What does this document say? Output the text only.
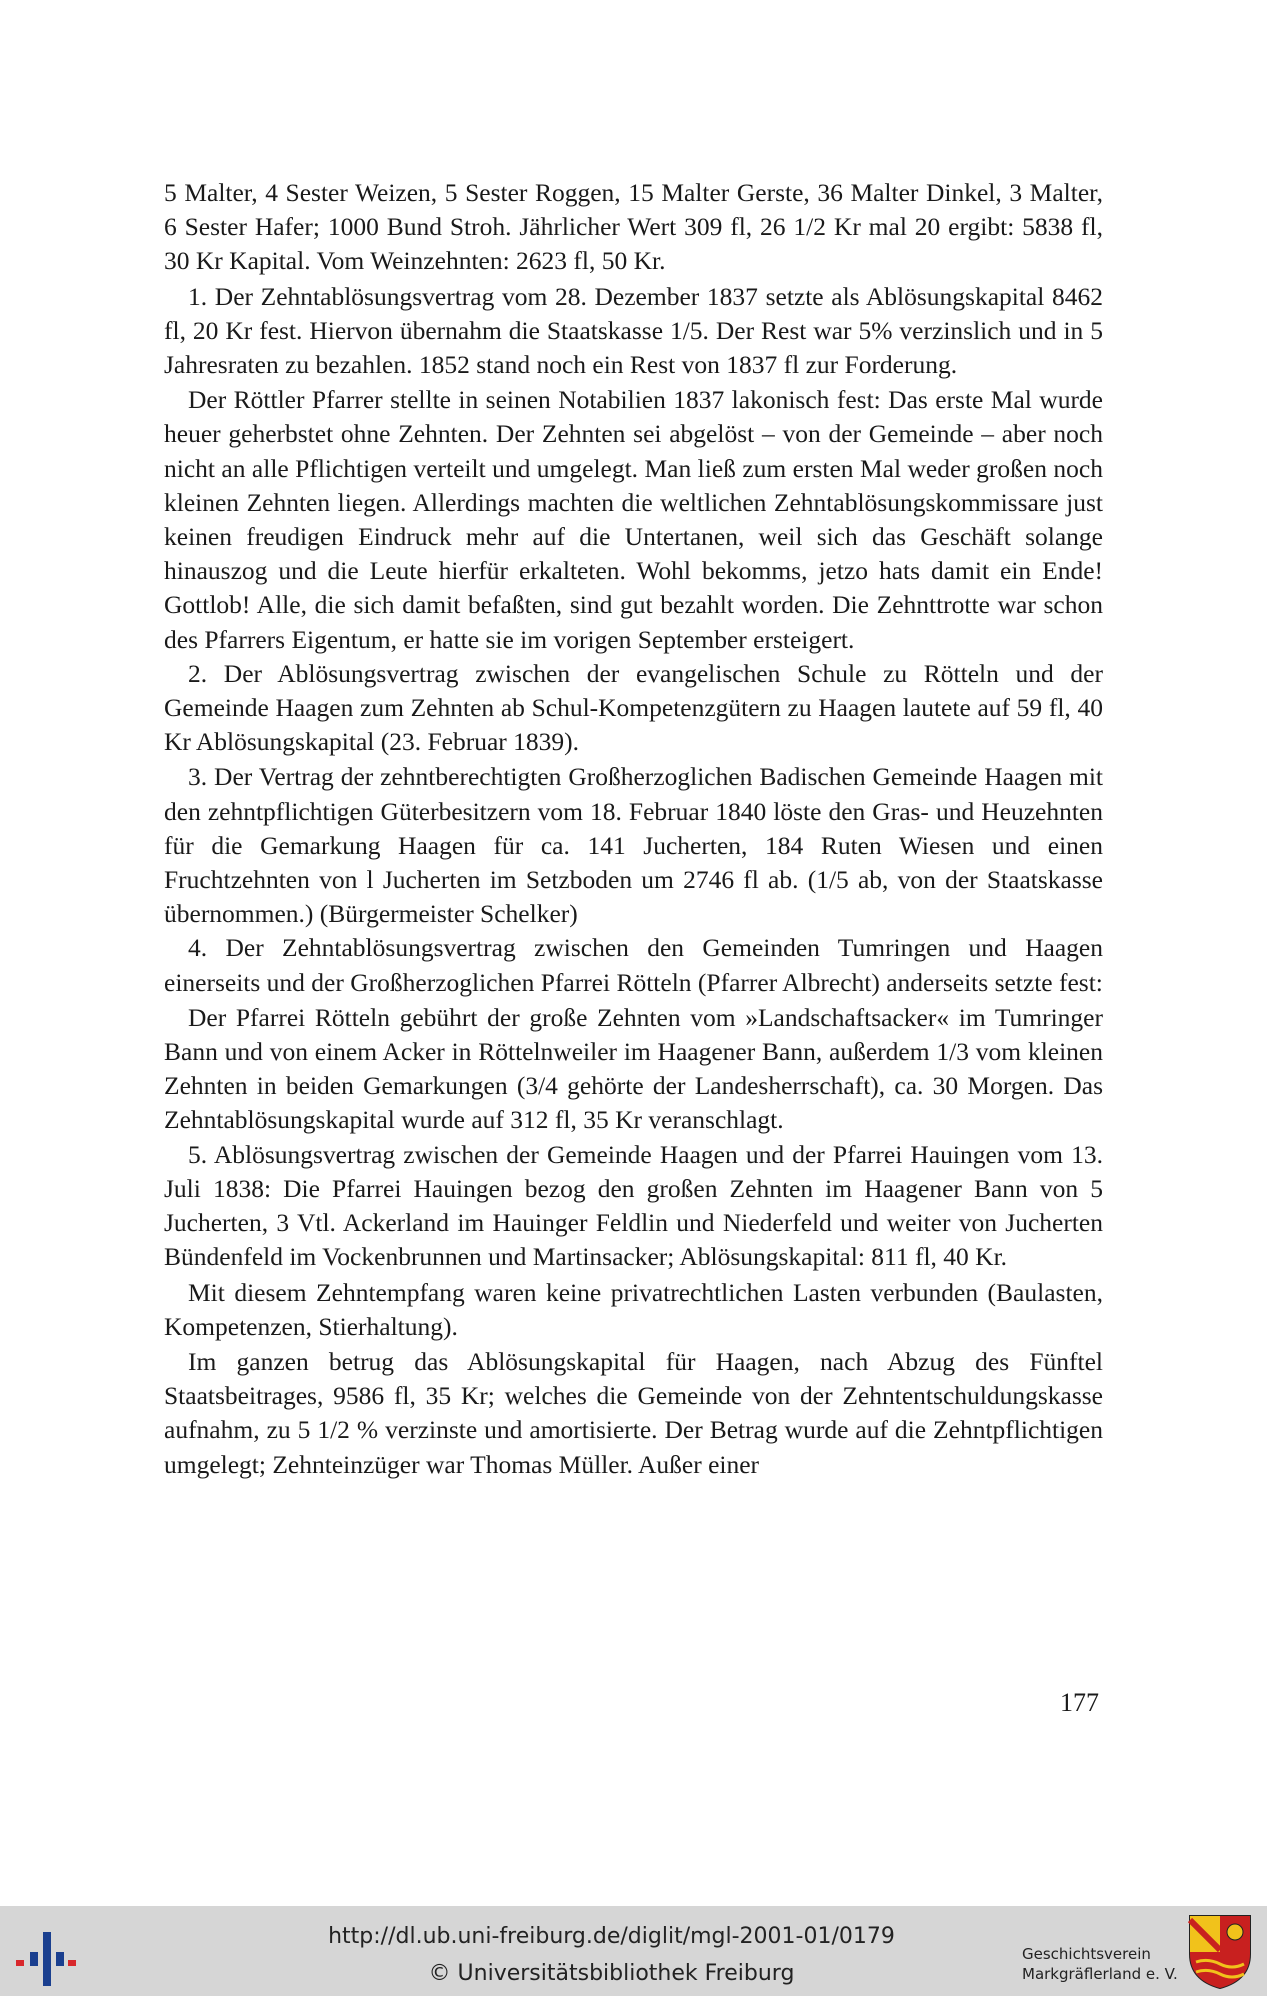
5 Malter, 4 Sester Weizen, 5 Sester Roggen, 15 Malter Gerste, 36 Malter Dinkel, 3 Malter, 6 Sester Hafer; 1000 Bund Stroh. Jährlicher Wert 309 fl, 26 1/2 Kr mal 20 ergibt: 5838 fl, 30 Kr Kapital. Vom Weinzehnten: 2623 fl, 50 Kr.

1. Der Zehntablösungsvertrag vom 28. Dezember 1837 setzte als Ablösungskapital 8462 fl, 20 Kr fest. Hiervon übernahm die Staatskasse 1/5. Der Rest war 5% verzinslich und in 5 Jahresraten zu bezahlen. 1852 stand noch ein Rest von 1837 fl zur Forderung.

Der Röttler Pfarrer stellte in seinen Notabilien 1837 lakonisch fest: Das erste Mal wurde heuer geherbstet ohne Zehnten. Der Zehnten sei abgelöst – von der Gemeinde – aber noch nicht an alle Pflichtigen verteilt und umgelegt. Man ließ zum ersten Mal weder großen noch kleinen Zehnten liegen. Allerdings machten die weltlichen Zehntablösungskommissare just keinen freudigen Eindruck mehr auf die Untertanen, weil sich das Geschäft solange hinauszog und die Leute hierfür erkalteten. Wohl bekomms, jetzo hats damit ein Ende! Gottlob! Alle, die sich damit befaßten, sind gut bezahlt worden. Die Zehnttrotte war schon des Pfarrers Eigentum, er hatte sie im vorigen September ersteigert.

2. Der Ablösungsvertrag zwischen der evangelischen Schule zu Rötteln und der Gemeinde Haagen zum Zehnten ab Schul-Kompetenzgütern zu Haagen lautete auf 59 fl, 40 Kr Ablösungskapital (23. Februar 1839).

3. Der Vertrag der zehntberechtigten Großherzoglichen Badischen Gemeinde Haagen mit den zehntpflichtigen Güterbesitzern vom 18. Februar 1840 löste den Gras- und Heuzehnten für die Gemarkung Haagen für ca. 141 Jucherten, 184 Ruten Wiesen und einen Fruchtzehnten von l Jucherten im Setzboden um 2746 fl ab. (1/5 ab, von der Staatskasse übernommen.) (Bürgermeister Schelker)

4. Der Zehntablösungsvertrag zwischen den Gemeinden Tumringen und Haagen einerseits und der Großherzoglichen Pfarrei Rötteln (Pfarrer Albrecht) anderseits setzte fest:

Der Pfarrei Rötteln gebührt der große Zehnten vom »Landschaftsacker« im Tumringer Bann und von einem Acker in Röttelnweiler im Haagener Bann, außerdem 1/3 vom kleinen Zehnten in beiden Gemarkungen (3/4 gehörte der Landesherrschaft), ca. 30 Morgen. Das Zehntablösungskapital wurde auf 312 fl, 35 Kr veranschlagt.

5. Ablösungsvertrag zwischen der Gemeinde Haagen und der Pfarrei Hauingen vom 13. Juli 1838: Die Pfarrei Hauingen bezog den großen Zehnten im Haagener Bann von 5 Jucherten, 3 Vtl. Ackerland im Hauinger Feldlin und Niederfeld und weiter von Jucherten Bündenfeld im Vockenbrunnen und Martinsacker; Ablösungskapital: 811 fl, 40 Kr.

Mit diesem Zehntempfang waren keine privatrechtlichen Lasten verbunden (Baulasten, Kompetenzen, Stierhaltung).

Im ganzen betrug das Ablösungskapital für Haagen, nach Abzug des Fünftel Staatsbeitrages, 9586 fl, 35 Kr; welches die Gemeinde von der Zehntentschuldungskasse aufnahm, zu 5 1/2 % verzinste und amortisierte. Der Betrag wurde auf die Zehntpflichtigen umgelegt; Zehnteinzüger war Thomas Müller. Außer einer

177
http://dl.ub.uni-freiburg.de/diglit/mgl-2001-01/0179
© Universitätsbibliothek Freiburg
Geschichtsverein
Markgräflerland e. V.
